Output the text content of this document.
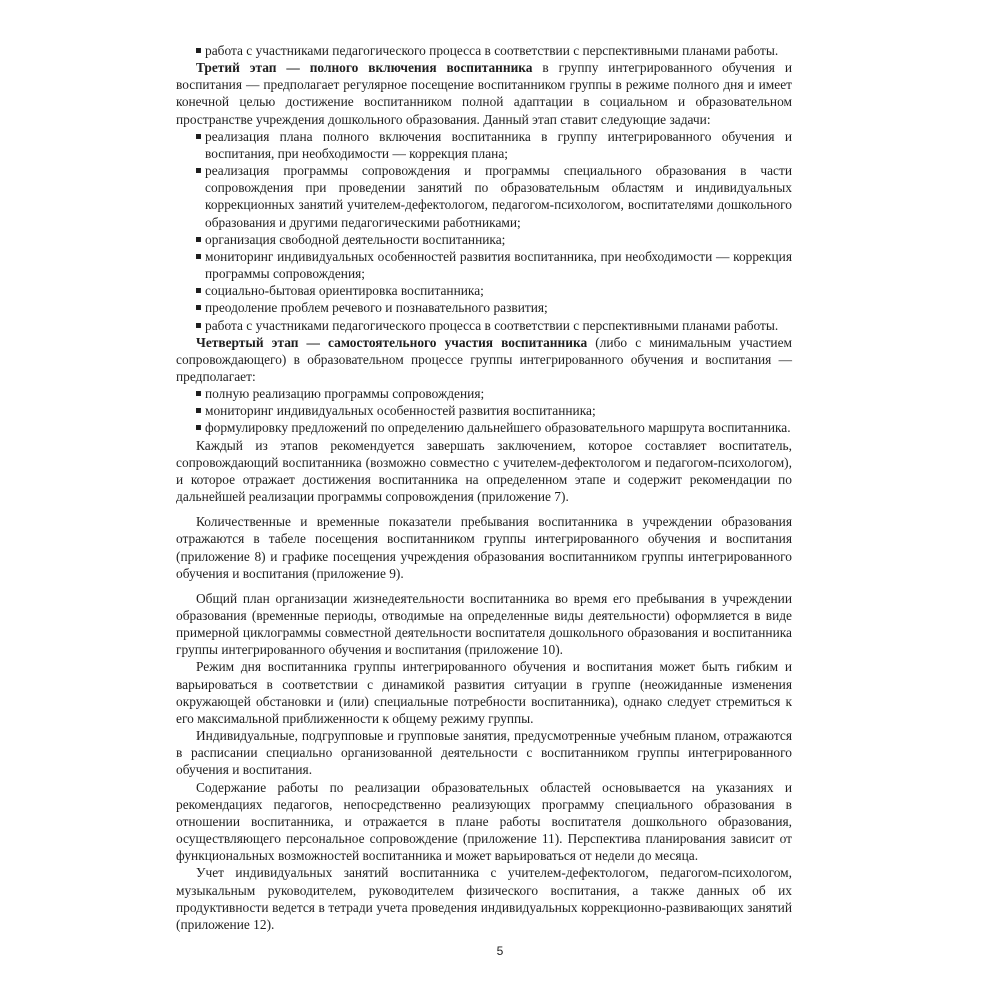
работа с участниками педагогического процесса в соответствии с перспективными планами работы.

Третий этап — полного включения воспитанника в группу интегрированного обучения и воспитания — предполагает регулярное посещение воспитанником группы в режиме полного дня и имеет конечной целью достижение воспитанником полной адаптации в социальном и образовательном пространстве учреждения дошкольного образования. Данный этап ставит следующие задачи:

реализация плана полного включения воспитанника в группу интегрированного обучения и воспитания, при необходимости — коррекция плана;

реализация программы сопровождения и программы специального образования в части сопровождения при проведении занятий по образовательным областям и индивидуальных коррекционных занятий учителем-дефектологом, педагогом-психологом, воспитателями дошкольного образования и другими педагогическими работниками;

организация свободной деятельности воспитанника;

мониторинг индивидуальных особенностей развития воспитанника, при необходимости — коррекция программы сопровождения;

социально-бытовая ориентировка воспитанника;

преодоление проблем речевого и познавательного развития;

работа с участниками педагогического процесса в соответствии с перспективными планами работы.

Четвертый этап — самостоятельного участия воспитанника (либо с минимальным участием сопровождающего) в образовательном процессе группы интегрированного обучения и воспитания — предполагает:

полную реализацию программы сопровождения;

мониторинг индивидуальных особенностей развития воспитанника;

формулировку предложений по определению дальнейшего образовательного маршрута воспитанника.

Каждый из этапов рекомендуется завершать заключением, которое составляет воспитатель, сопровождающий воспитанника (возможно совместно с учителем-дефектологом и педагогом-психологом), и которое отражает достижения воспитанника на определенном этапе и содержит рекомендации по дальнейшей реализации программы сопровождения (приложение 7).

Количественные и временные показатели пребывания воспитанника в учреждении образования отражаются в табеле посещения воспитанником группы интегрированного обучения и воспитания (приложение 8) и графике посещения учреждения образования воспитанником группы интегрированного обучения и воспитания (приложение 9).

Общий план организации жизнедеятельности воспитанника во время его пребывания в учреждении образования (временные периоды, отводимые на определенные виды деятельности) оформляется в виде примерной циклограммы совместной деятельности воспитателя дошкольного образования и воспитанника группы интегрированного обучения и воспитания (приложение 10).

Режим дня воспитанника группы интегрированного обучения и воспитания может быть гибким и варьироваться в соответствии с динамикой развития ситуации в группе (неожиданные изменения окружающей обстановки и (или) специальные потребности воспитанника), однако следует стремиться к его максимальной приближенности к общему режиму группы.

Индивидуальные, подгрупповые и групповые занятия, предусмотренные учебным планом, отражаются в расписании специально организованной деятельности с воспитанником группы интегрированного обучения и воспитания.

Содержание работы по реализации образовательных областей основывается на указаниях и рекомендациях педагогов, непосредственно реализующих программу специального образования в отношении воспитанника, и отражается в плане работы воспитателя дошкольного образования, осуществляющего персональное сопровождение (приложение 11). Перспектива планирования зависит от функциональных возможностей воспитанника и может варьироваться от недели до месяца.

Учет индивидуальных занятий воспитанника с учителем-дефектологом, педагогом-психологом, музыкальным руководителем, руководителем физического воспитания, а также данных об их продуктивности ведется в тетради учета проведения индивидуальных коррекционно-развивающих занятий (приложение 12).

5
